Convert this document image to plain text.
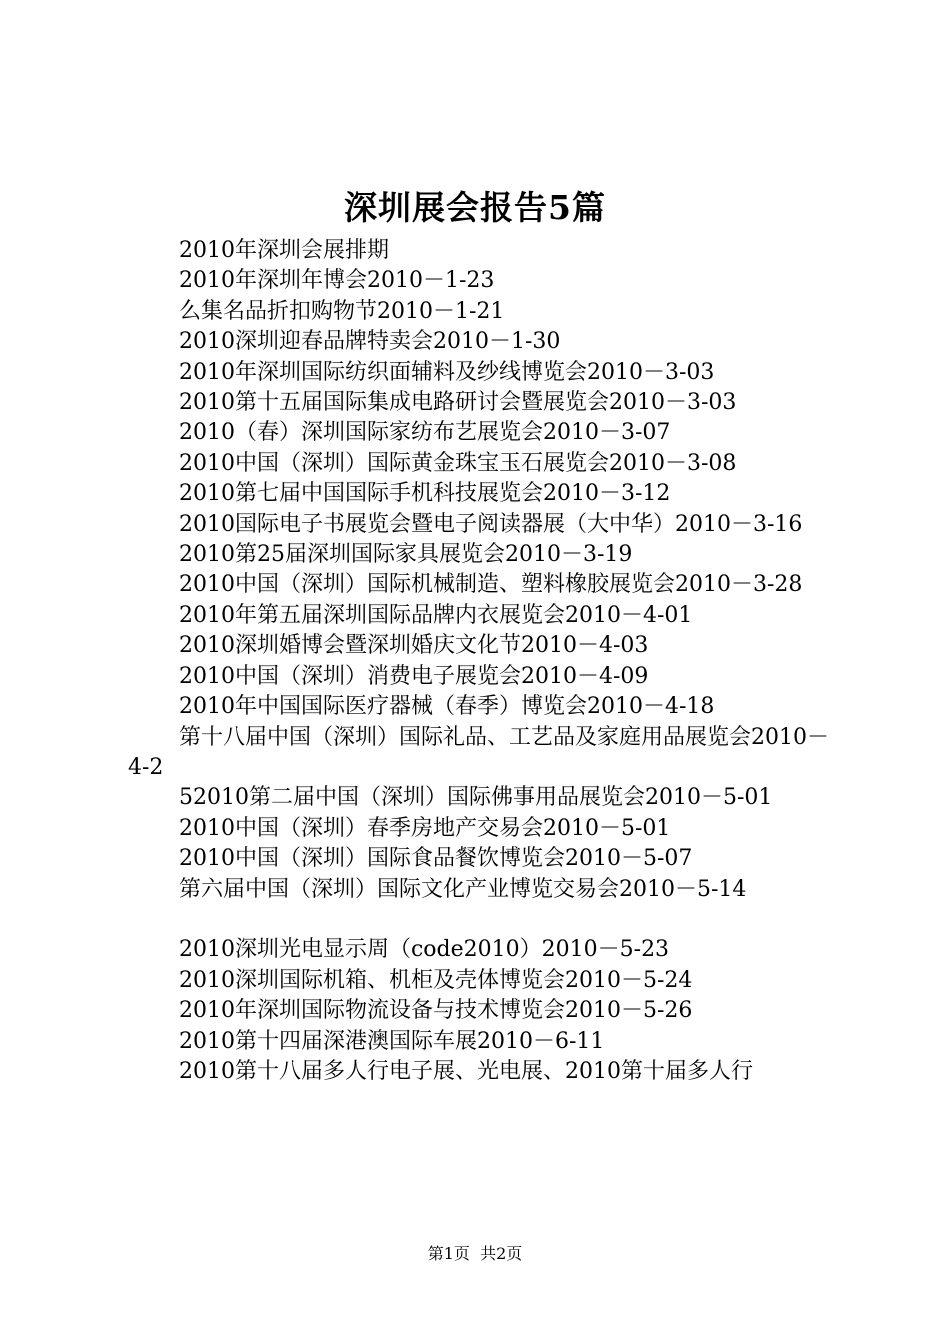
深圳展会报告5篇

2010年深圳会展排期

2010年深圳年博会2010－1-23

么集名品折扣购物节2010－1-21

2010深圳迎春品牌特卖会2010－1-30

2010年深圳国际纺织面辅料及纱线博览会2010－3-03

2010第十五届国际集成电路研讨会暨展览会2010－3-03

2010（春）深圳国际家纺布艺展览会2010－3-07

2010中国（深圳）国际黄金珠宝玉石展览会2010－3-08

2010第七届中国国际手机科技展览会2010－3-12

2010国际电子书展览会暨电子阅读器展（大中华）2010－3-16

2010第25届深圳国际家具展览会2010－3-19

2010中国（深圳）国际机械制造、塑料橡胶展览会2010－3-28

2010年第五届深圳国际品牌内衣展览会2010－4-01

2010深圳婚博会暨深圳婚庆文化节2010－4-03

2010中国（深圳）消费电子展览会2010－4-09

2010年中国国际医疗器械（春季）博览会2010－4-18

第十八届中国（深圳）国际礼品、工艺品及家庭用品展览会2010－4-2

52010第二届中国（深圳）国际佛事用品展览会2010－5-01

2010中国（深圳）春季房地产交易会2010－5-01

2010中国（深圳）国际食品餐饮博览会2010－5-07

第六届中国（深圳）国际文化产业博览交易会2010－5-14

2010深圳光电显示周（code2010）2010－5-23

2010深圳国际机箱、机柜及壳体博览会2010－5-24

2010年深圳国际物流设备与技术博览会2010－5-26

2010第十四届深港澳国际车展2010－6-11

2010第十八届多人行电子展、光电展、2010第十届多人行

第1页  共2页
